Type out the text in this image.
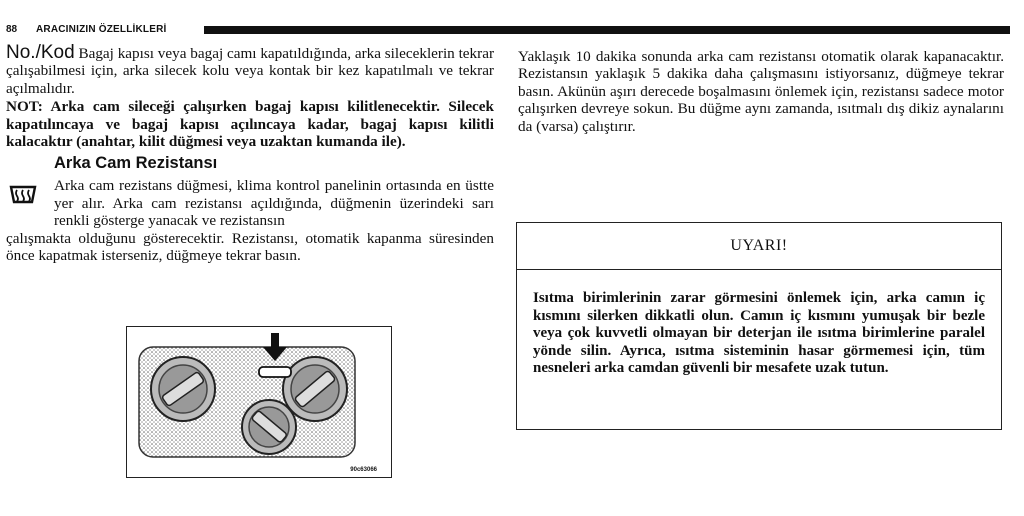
88 ARACINIZIN ÖZELLİKLERİ

No./Kod Bagaj kapısı veya bagaj camı kapatıldığında, arka sileceklerin tekrar çalışabilmesi için, arka silecek kolu veya kontak bir kez kapatılmalı ve tekrar açılmalıdır.

NOT: Arka cam sileceği çalışırken bagaj kapısı kilitlenecektir. Silecek kapatılıncaya ve bagaj kapısı açılıncaya kadar, bagaj kapısı kilitli kalacaktır (anahtar, kilit düğmesi veya uzaktan kumanda ile).

Arka Cam Rezistansı

Arka cam rezistans düğmesi, klima kontrol panelinin ortasında en üstte yer alır. Arka cam rezistansı açıldığında, düğmenin üzerindeki sarı renkli gösterge yanacak ve rezistansın

çalışmakta olduğunu gösterecektir. Rezistansı, otomatik kapanma süresinden önce kapatmak isterseniz, düğmeye tekrar basın.

90c63066

Yaklaşık 10 dakika sonunda arka cam rezistansı otomatik olarak kapanacaktır. Rezistansın yaklaşık 5 dakika daha çalışmasını istiyorsanız, düğmeye tekrar basın. Akünün aşırı derecede boşalmasını önlemek için, rezistansı sadece motor çalışırken devreye sokun. Bu düğme aynı zamanda, ısıtmalı dış dikiz aynalarını da (varsa) çalıştırır.

UYARI!
Isıtma birimlerinin zarar görmesini önlemek için, arka camın iç kısmını silerken dikkatli olun. Camın iç kısmını yumuşak bir bezle veya çok kuvvetli olmayan bir deterjan ile ısıtma birimlerine paralel yönde silin. Ayrıca, ısıtma sisteminin hasar görmemesi için, tüm nesneleri arka camdan güvenli bir mesafete uzak tutun.
